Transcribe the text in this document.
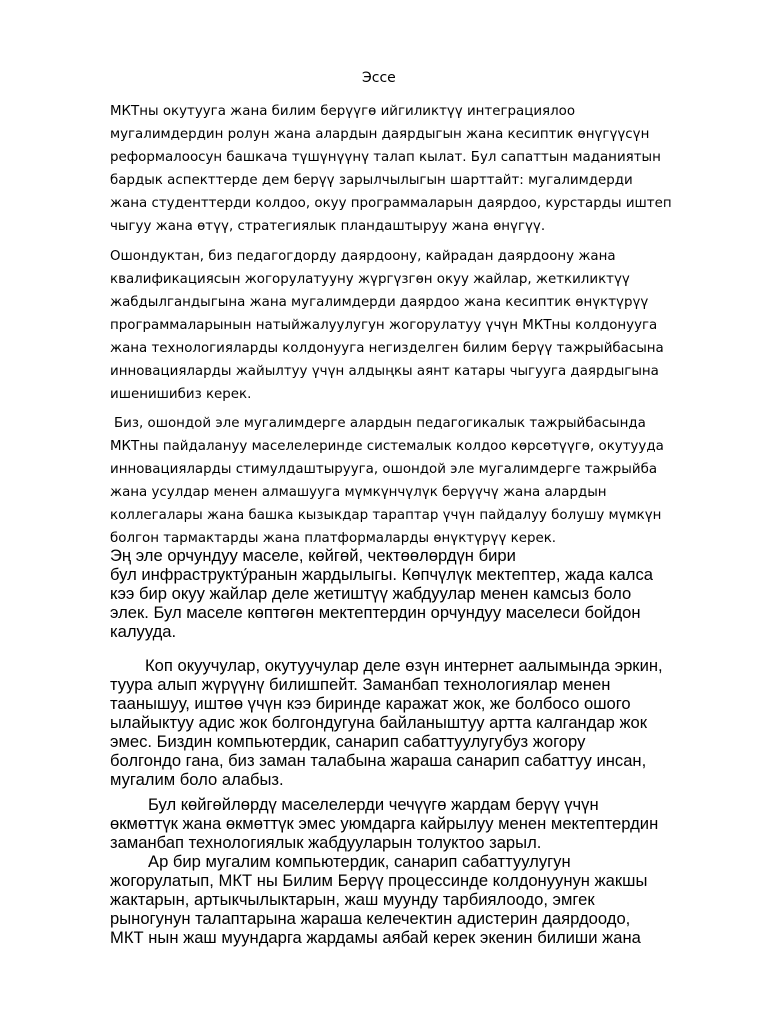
Эссе

МКТны окутууга жана билим берүүгө ийгиликтүү интеграциялоо
мугалимдердин ролун жана алардын даярдыгын жана кесиптик өнүгүүсүн
реформалоосун башкача түшүнүүнү талап кылат. Бул сапаттын маданиятын
бардык аспекттерде дем берүү зарылчылыгын шарттайт: мугалимдерди
жана студенттерди колдоо, окуу программаларын даярдоо, курстарды иштеп
чыгуу жана өтүү, стратегиялык пландаштыруу жана өнүгүү.

Ошондуктан, биз педагогдорду даярдоону, кайрадан даярдоону жана
квалификациясын жогорулатууну жүргүзгөн окуу жайлар, жеткиликтүү
жабдылгандыгына жана мугалимдерди даярдоо жана кесиптик өнүктүрүү
программаларынын натыйжалуулугун жогорулатуу үчүн МКТны колдонууга
жана технологияларды колдонууга негизделген билим берүү тажрыйбасына
инновацияларды жайылтуу үчүн алдыңкы аянт катары чыгууга даярдыгына
ишенишибиз керек.

Биз, ошондой эле мугалимдерге алардын педагогикалык тажрыйбасында
МКТны пайдалануу маселелеринде системалык колдоо көрсөтүүгө, окутууда
инновацияларды стимулдаштырууга, ошондой эле мугалимдерге тажрыйба
жана усулдар менен алмашууга мүмкүнчүлүк берүүчү жана алардын
коллегалары жана башка кызыкдар тараптар үчүн пайдалуу болушу мүмкүн
болгон тармактарды жана платформаларды өнүктүрүү керек.

Эң эле орчундуу маселе, көйгөй, чектөөлөрдүн бири
бул инфраструкту́ранын жардылыгы. Көпчүлүк мектептер, жада калса
кээ бир окуу жайлар деле жетиштүү жабдуулар менен камсыз боло
элек. Бул маселе көптөгөн мектептердин орчундуу маселеси бойдон
калууда.

Коп окуучулар, окутуучулар деле өзүн интернет аалымында эркин,
туура алып жүрүүнү билишпейт. Заманбап технологиялар менен
таанышуу, иштөө үчүн кээ биринде каражат жок, же болбосо ошого
ылайыктуу адис жок болгондугуна байланыштуу артта калгандар жок
эмес. Биздин компьютердик, санарип сабаттуулугубуз жогору
болгондо гана, биз заман талабына жараша санарип сабаттуу инсан,
мугалим боло алабыз.

Бул көйгөйлөрдү маселелерди чечүүгө жардам берүү үчүн
өкмөттүк жана өкмөттүк эмес уюмдарга кайрылуу менен мектептердин
заманбап технологиялык жабдууларын толуктоо зарыл.

Ар бир мугалим компьютердик, санарип сабаттуулугун
жогорулатып, МКТ ны Билим Берүү процессинде колдонуунун жакшы
жактарын, артыкчылыктарын, жаш муунду тарбиялоодо, эмгек
рыногунун талаптарына жараша келечектин адистерин даярдоодо,
МКТ нын жаш муундарга жардамы аябай керек экенин билиши жана
